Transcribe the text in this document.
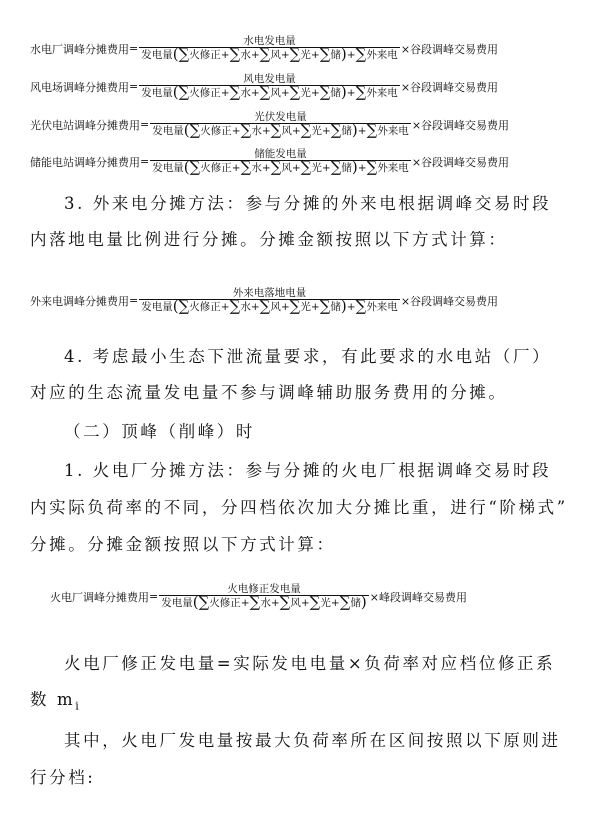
水电厂调峰分摊费用 = $\frac{\text{水电发电量}}{\text{发电量(∑火修正+∑水+∑风+∑光+∑储)+∑外来电}}$ ×谷段调峰交易费用
风电场调峰分摊费用 = $\frac{\text{风电发电量}}{\text{发电量(∑火修正+∑水+∑风+∑光+∑储)+∑外来电}}$ ×谷段调峰交易费用
光伏电站调峰分摊费用 = $\frac{\text{光伏发电量}}{\text{发电量(∑火修正+∑水+∑风+∑光+∑储)+∑外来电}}$ ×谷段调峰交易费用
储能电站调峰分摊费用 = $\frac{\text{储能发电量}}{\text{发电量(∑火修正+∑水+∑风+∑光+∑储)+∑外来电}}$ ×谷段调峰交易费用
3. 外来电分摊方法：参与分摊的外来电根据调峰交易时段
内落地电量比例进行分摊。分摊金额按照以下方式计算：
外来电调峰分摊费用 = $\frac{\text{外来电落地电量}}{\text{发电量(∑火修正+∑水+∑风+∑光+∑储)+∑外来电}}$ ×谷段调峰交易费用
4. 考虑最小生态下泄流量要求，有此要求的水电站（厂）
对应的生态流量发电量不参与调峰辅助服务费用的分摊。
（二）顶峰（削峰）时
1. 火电厂分摊方法：参与分摊的火电厂根据调峰交易时段
内实际负荷率的不同，分四档依次加大分摊比重，进行“阶梯式”
分摊。分摊金额按照以下方式计算：
火电厂调峰分摊费用 = $\frac{\text{火电修正发电量}}{\text{发电量(∑火修正+∑水+∑风+∑光+∑储)}}$ ×峰段调峰交易费用
火电厂修正发电量=实际发电电量×负荷率对应档位修正系
数 $m_i$
其中，火电厂发电量按最大负荷率所在区间按照以下原则进
行分档:
